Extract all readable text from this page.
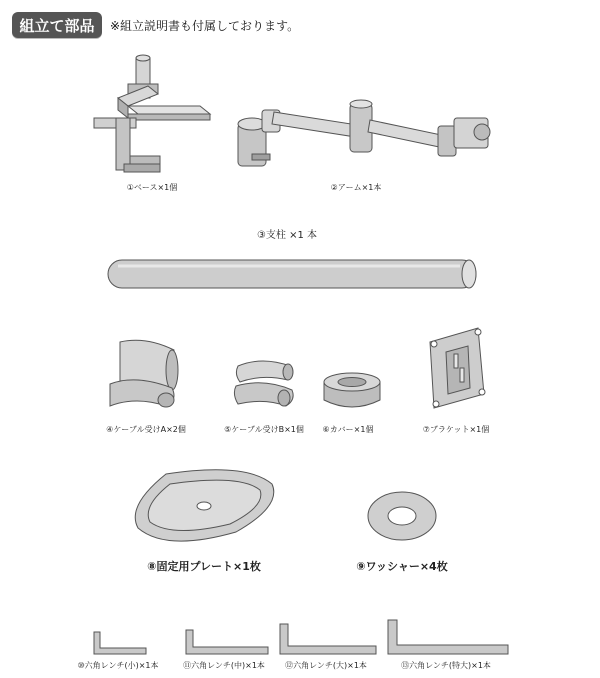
組立て部品 ※組立説明書も付属しております。
①ベース×1個	②アーム×1本
③支柱 ×1 本
④ケーブル受けA×2個	⑤ケーブル受けB×1個 ⑥カバー×1個	⑦ブラケット×1個
⑧固定用プレート×1枚	⑨ワッシャー×4枚
⑩六角レンチ(小)×1本	⑪六角レンチ(中)×1本	⑫六角レンチ(大)×1本	⑬六角レンチ(特大)×1本
